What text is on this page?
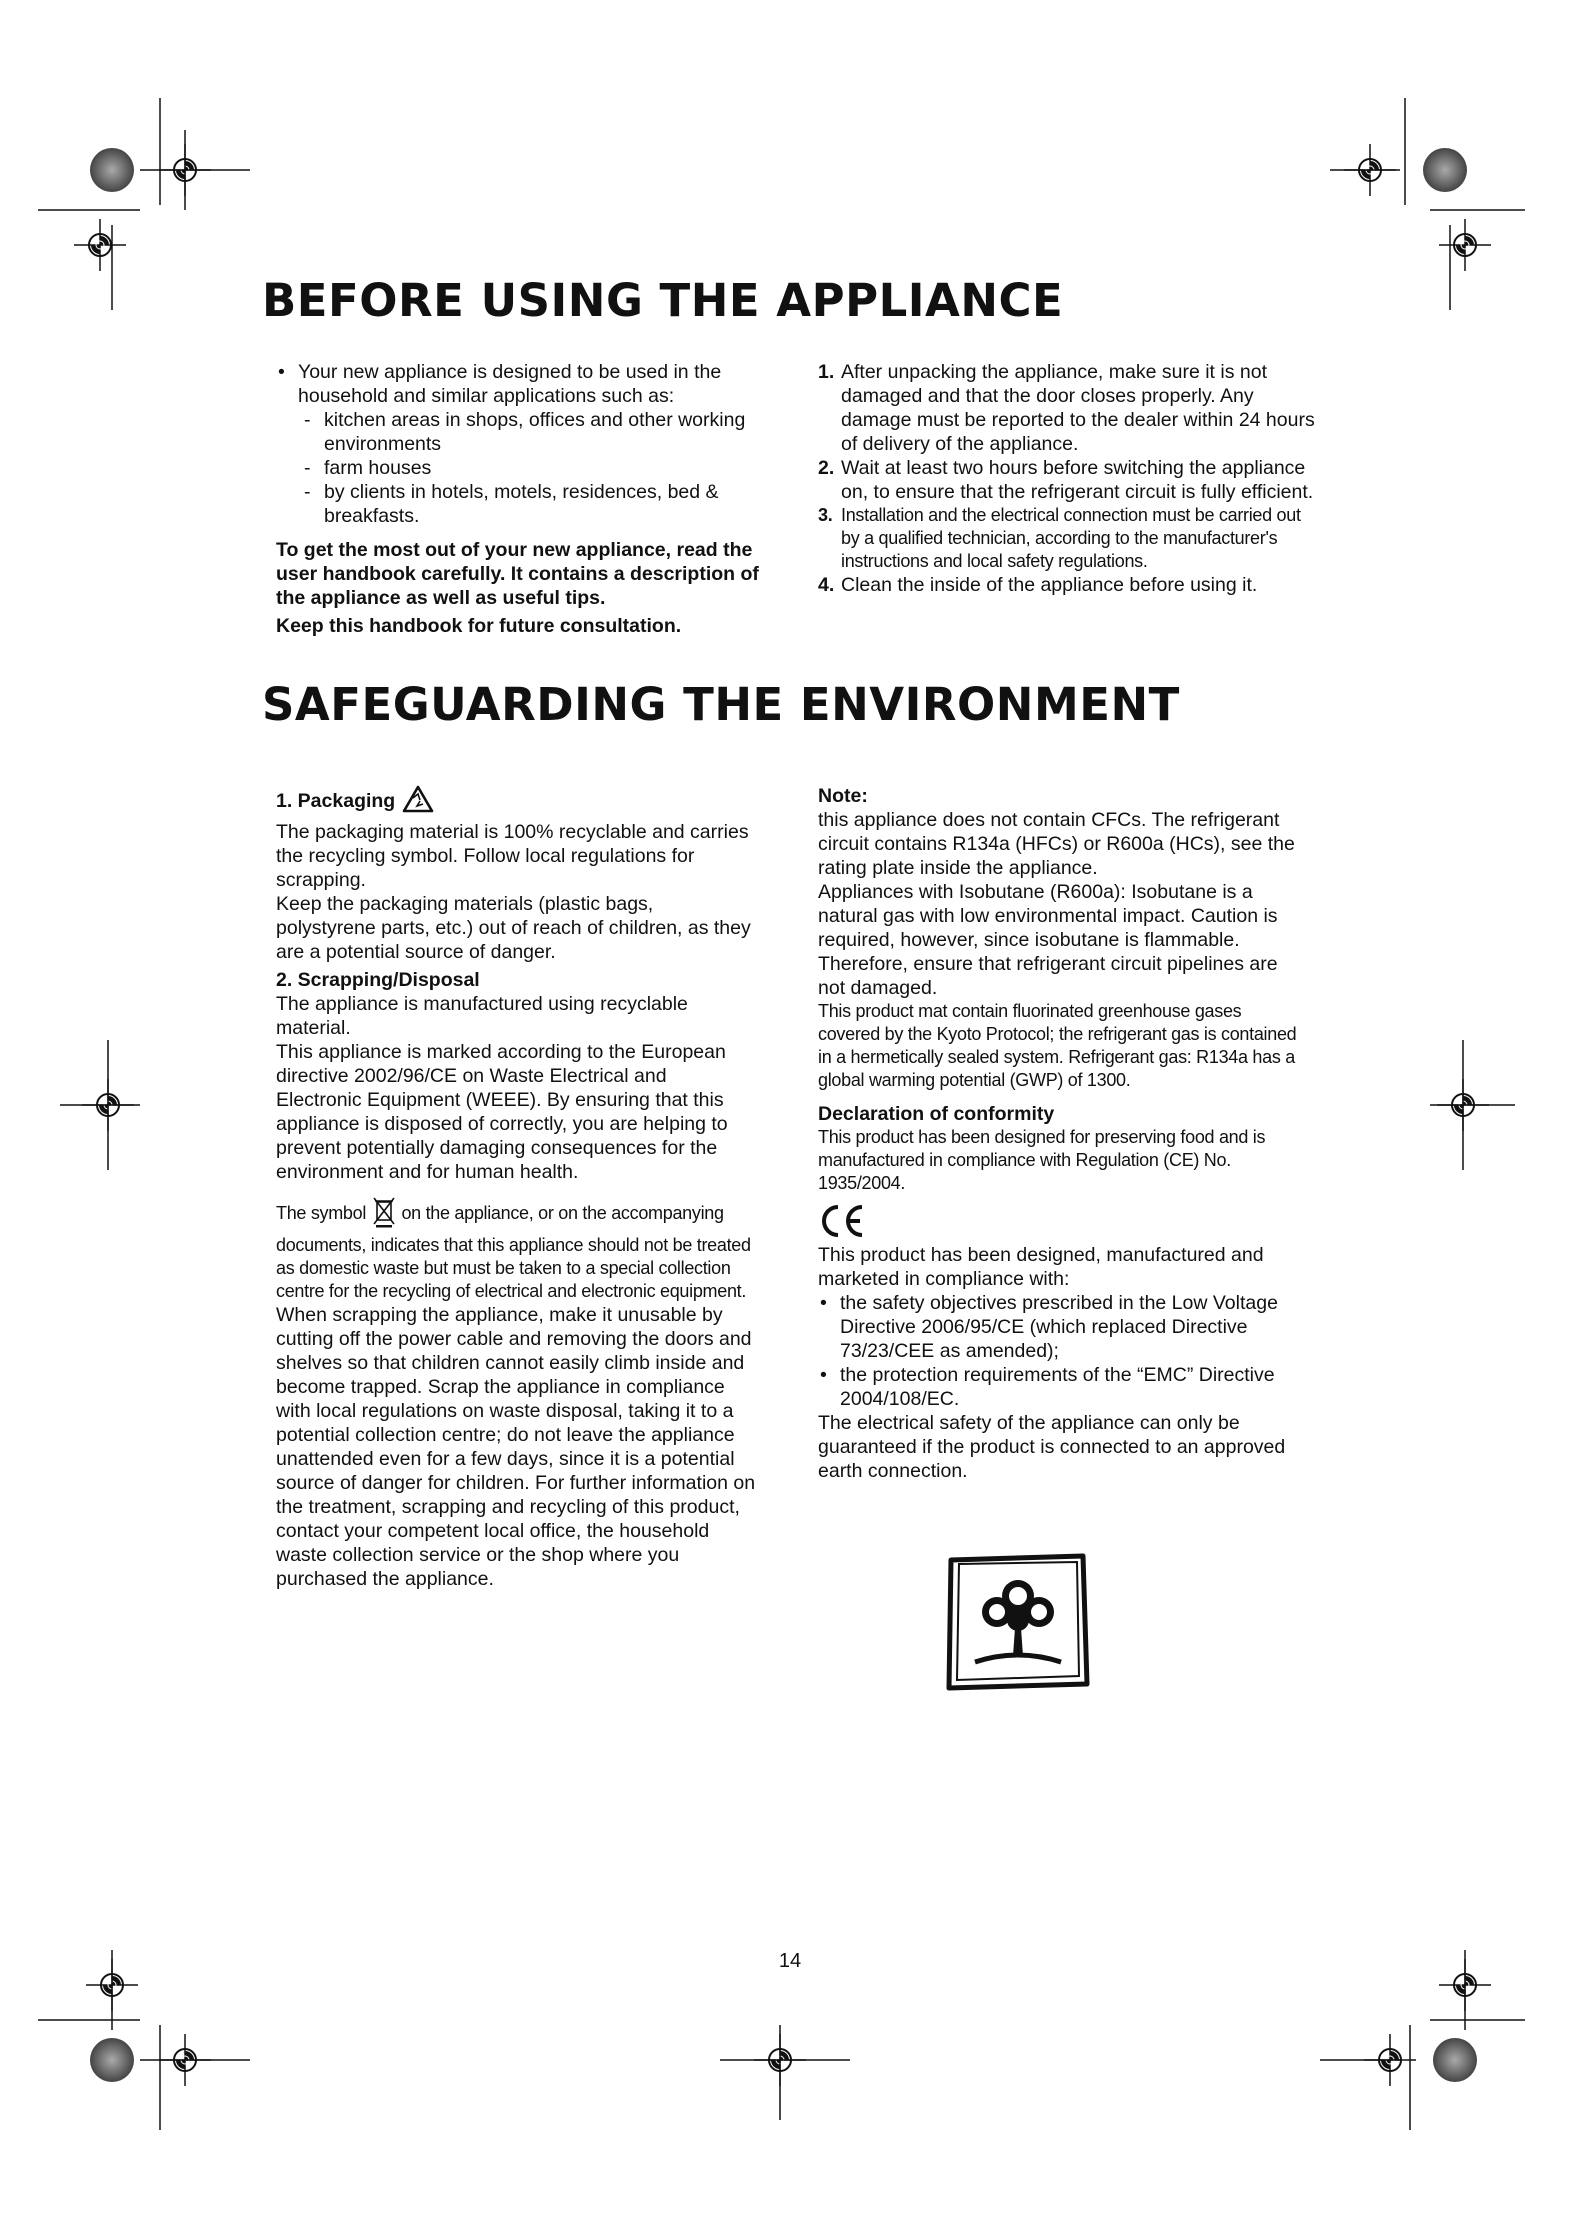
BEFORE USING THE APPLIANCE
• Your new appliance is designed to be used in the household and similar applications such as:
- kitchen areas in shops, offices and other working environments
- farm houses
- by clients in hotels, motels, residences, bed & breakfasts.

To get the most out of your new appliance, read the user handbook carefully. It contains a description of the appliance as well as useful tips.

Keep this handbook for future consultation.

1. After unpacking the appliance, make sure it is not damaged and that the door closes properly. Any damage must be reported to the dealer within 24 hours of delivery of the appliance.
2. Wait at least two hours before switching the appliance on, to ensure that the refrigerant circuit is fully efficient.
3. Installation and the electrical connection must be carried out by a qualified technician, according to the manufacturer's instructions and local safety regulations.
4. Clean the inside of the appliance before using it.
SAFEGUARDING THE ENVIRONMENT

1. Packaging

The packaging material is 100% recyclable and carries the recycling symbol. Follow local regulations for scrapping.

Keep the packaging materials (plastic bags, polystyrene parts, etc.) out of reach of children, as they are a potential source of danger.

2. Scrapping/Disposal

The appliance is manufactured using recyclable material.

This appliance is marked according to the European directive 2002/96/CE on Waste Electrical and Electronic Equipment (WEEE). By ensuring that this appliance is disposed of correctly, you are helping to prevent potentially damaging consequences for the environment and for human health.

The symbol on the appliance, or on the accompanying documents, indicates that this appliance should not be treated as domestic waste but must be taken to a special collection centre for the recycling of electrical and electronic equipment.

When scrapping the appliance, make it unusable by cutting off the power cable and removing the doors and shelves so that children cannot easily climb inside and become trapped. Scrap the appliance in compliance with local regulations on waste disposal, taking it to a potential collection centre; do not leave the appliance unattended even for a few days, since it is a potential source of danger for children. For further information on the treatment, scrapping and recycling of this product, contact your competent local office, the household waste collection service or the shop where you purchased the appliance.

Note:

this appliance does not contain CFCs. The refrigerant circuit contains R134a (HFCs) or R600a (HCs), see the rating plate inside the appliance.

Appliances with Isobutane (R600a): Isobutane is a natural gas with low environmental impact. Caution is required, however, since isobutane is flammable. Therefore, ensure that refrigerant circuit pipelines are not damaged.

This product mat contain fluorinated greenhouse gases covered by the Kyoto Protocol; the refrigerant gas is contained in a hermetically sealed system. Refrigerant gas: R134a has a global warming potential (GWP) of 1300.

Declaration of conformity

This product has been designed for preserving food and is manufactured in compliance with Regulation (CE) No. 1935/2004.

This product has been designed, manufactured and marketed in compliance with:

• the safety objectives prescribed in the Low Voltage Directive 2006/95/CE (which replaced Directive 73/23/CEE as amended);
• the protection requirements of the “EMC” Directive 2004/108/EC.

The electrical safety of the appliance can only be guaranteed if the product is connected to an approved earth connection.

14
